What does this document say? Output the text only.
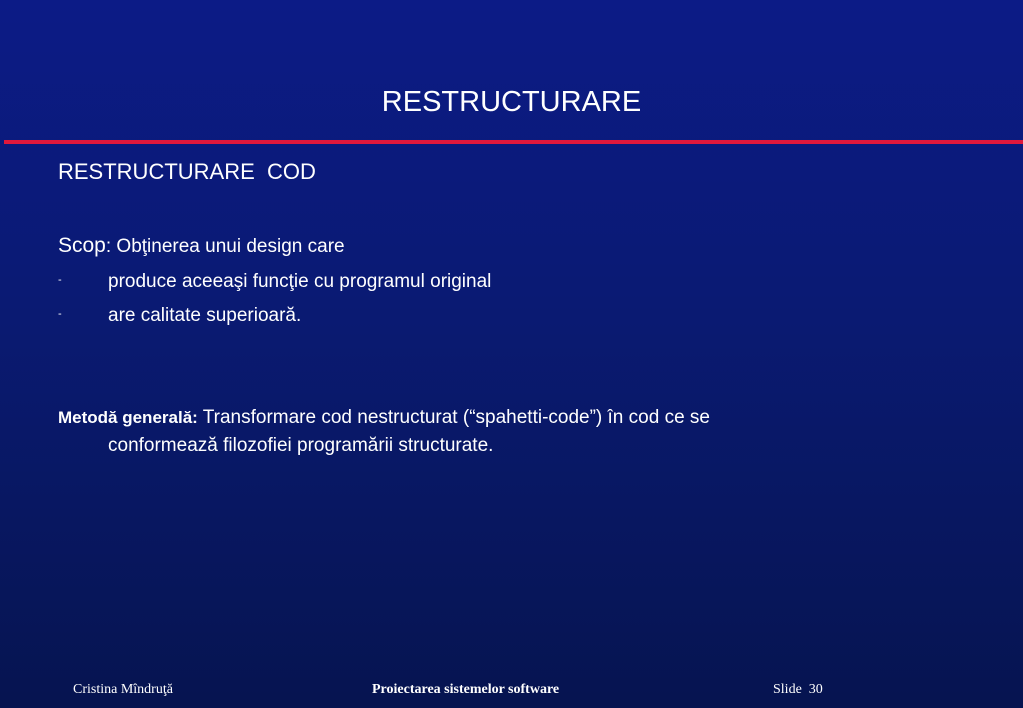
RESTRUCTURARE
RESTRUCTURARE  COD
Scop: Obţinerea unui design care
- produce aceeaşi funcţie cu programul original
- are calitate superioară.
Metodă generală: Transformare cod nestructurat (“spahetti-code”) în cod ce se
conformează filozofiei programării structurate.
Cristina Mîndruţă	Proiectarea sistemelor software	Slide  30
